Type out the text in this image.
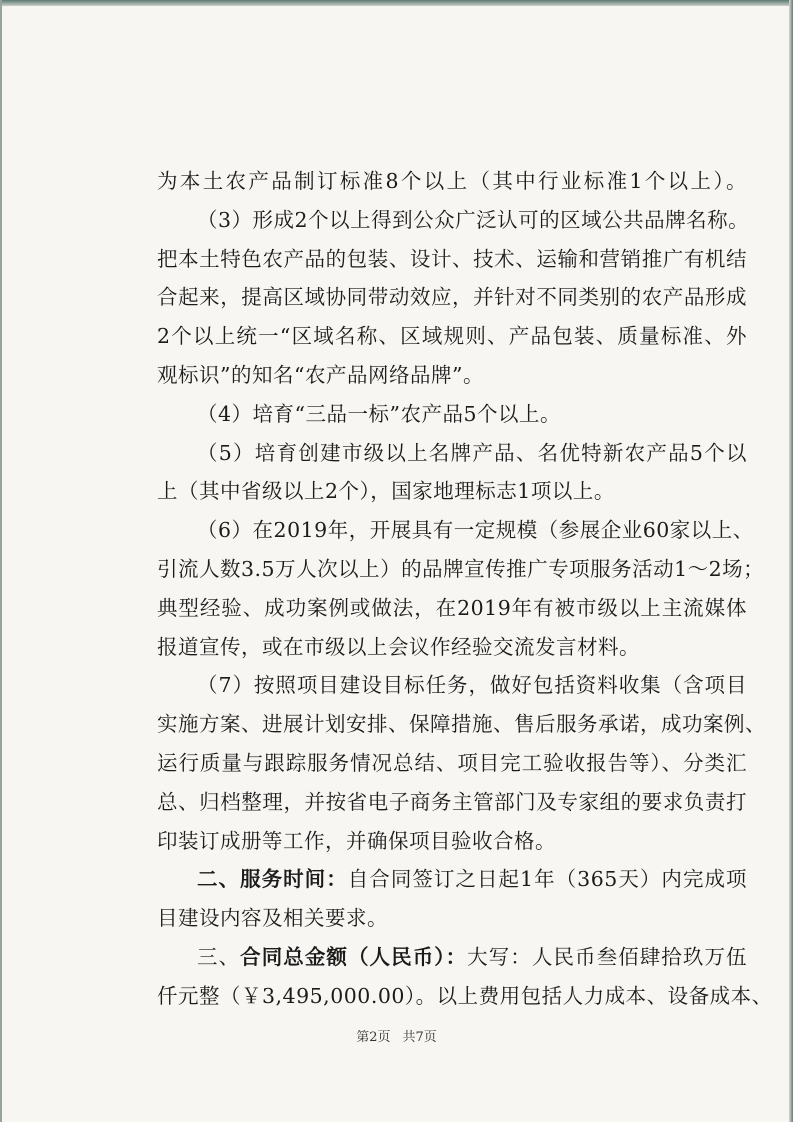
为本土农产品制订标准8个以上（其中行业标准1个以上）。
（3）形成2个以上得到公众广泛认可的区域公共品牌名称。
把本土特色农产品的包装、设计、技术、运输和营销推广有机结
合起来，提高区域协同带动效应，并针对不同类别的农产品形成
2个以上统一“区域名称、区域规则、产品包装、质量标准、外
观标识”的知名“农产品网络品牌”。
（4）培育“三品一标”农产品5个以上。
（5）培育创建市级以上名牌产品、名优特新农产品5个以
上（其中省级以上2个），国家地理标志1项以上。
（6）在2019年，开展具有一定规模（参展企业60家以上、
引流人数3.5万人次以上）的品牌宣传推广专项服务活动1～2场；
典型经验、成功案例或做法，在2019年有被市级以上主流媒体
报道宣传，或在市级以上会议作经验交流发言材料。
（7）按照项目建设目标任务，做好包括资料收集（含项目
实施方案、进展计划安排、保障措施、售后服务承诺，成功案例、
运行质量与跟踪服务情况总结、项目完工验收报告等）、分类汇
总、归档整理，并按省电子商务主管部门及专家组的要求负责打
印装订成册等工作，并确保项目验收合格。
二、服务时间：自合同签订之日起1年（365天）内完成项
目建设内容及相关要求。
三、合同总金额（人民币）：大写：人民币叁佰肆拾玖万伍
仟元整（￥3,495,000.00）。以上费用包括人力成本、设备成本、
第2页 共7页
